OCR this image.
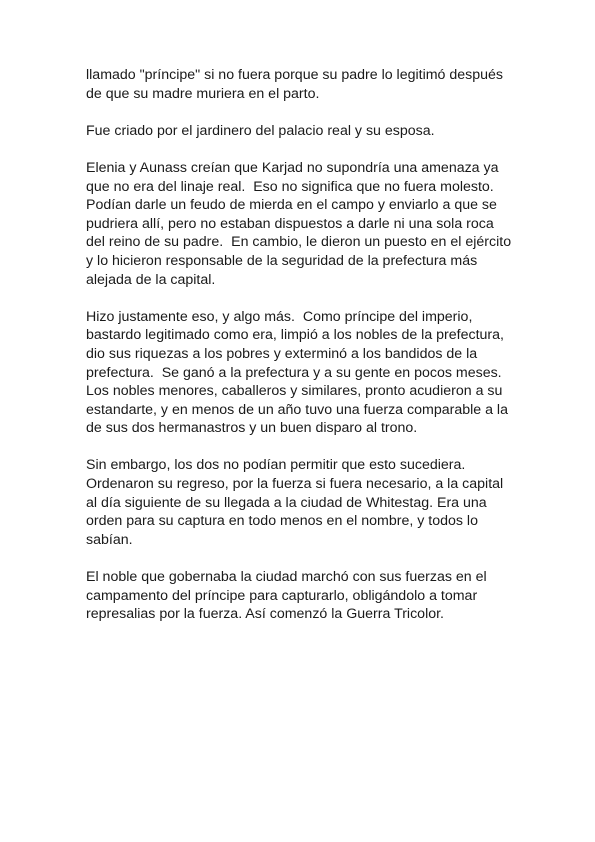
llamado "príncipe" si no fuera porque su padre lo legitimó después
de que su madre muriera en el parto.

Fue criado por el jardinero del palacio real y su esposa.

Elenia y Aunass creían que Karjad no supondría una amenaza ya
que no era del linaje real.  Eso no significa que no fuera molesto.
Podían darle un feudo de mierda en el campo y enviarlo a que se
pudriera allí, pero no estaban dispuestos a darle ni una sola roca
del reino de su padre.  En cambio, le dieron un puesto en el ejército
y lo hicieron responsable de la seguridad de la prefectura más
alejada de la capital.

Hizo justamente eso, y algo más.  Como príncipe del imperio,
bastardo legitimado como era, limpió a los nobles de la prefectura,
dio sus riquezas a los pobres y exterminó a los bandidos de la
prefectura.  Se ganó a la prefectura y a su gente en pocos meses.
Los nobles menores, caballeros y similares, pronto acudieron a su
estandarte, y en menos de un año tuvo una fuerza comparable a la
de sus dos hermanastros y un buen disparo al trono.

Sin embargo, los dos no podían permitir que esto sucediera.
Ordenaron su regreso, por la fuerza si fuera necesario, a la capital
al día siguiente de su llegada a la ciudad de Whitestag. Era una
orden para su captura en todo menos en el nombre, y todos lo
sabían.

El noble que gobernaba la ciudad marchó con sus fuerzas en el
campamento del príncipe para capturarlo, obligándolo a tomar
represalias por la fuerza. Así comenzó la Guerra Tricolor.
